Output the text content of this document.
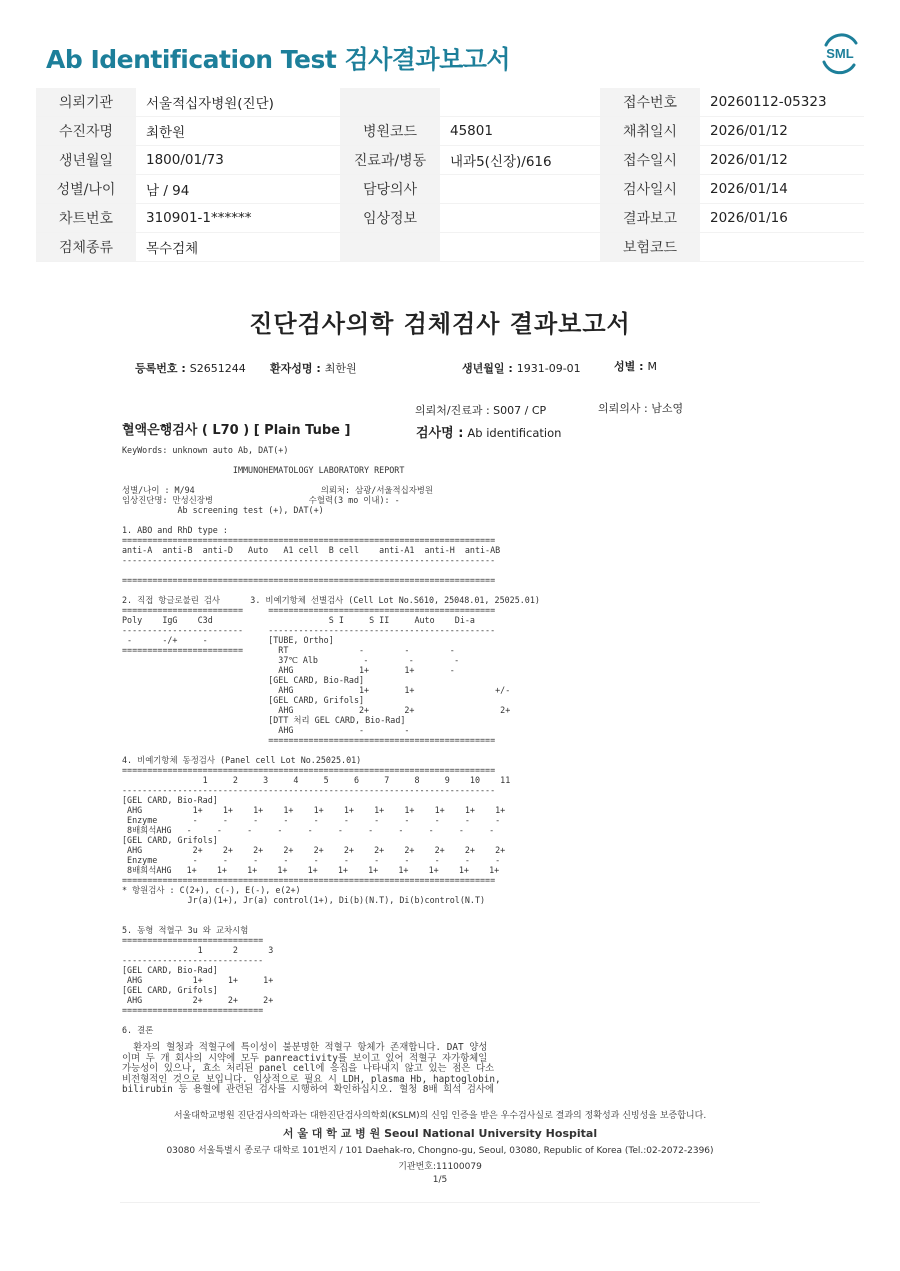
Ab Identification Test 검사결과보고서	SML
의뢰기관	서울적십자병원(진단)			접수번호	20260112-05323
수진자명	최한원	병원코드	45801	채취일시	2026/01/12
생년월일	1800/01/73	진료과/병동	내과5(신장)/616	접수일시	2026/01/12
성별/나이	남 / 94	담당의사		검사일시	2026/01/14
차트번호	310901-1******	임상정보		결과보고	2026/01/16
검체종류	목수검체			보험코드	
진단검사의학 검체검사 결과보고서
등록번호 : S2651244 환자성명 : 최한원	생년월일 : 1931-09-01	성별 : M
의뢰처/진료과 : S007 / CP	의뢰의사 : 남소영
혈액은행검사 ( L70 ) [ Plain Tube ]	검사명 : Ab identification
KeyWords: unknown auto Ab, DAT(+)

IMMUNOHEMATOLOGY LABORATORY REPORT

성별/나이 : M/94                         의뢰처: 삼광/서울적십자병원
임상진단명: 만성신장병                   수혈력(3 mo 이내): -
Ab screening test (+), DAT(+)

1. ABO and RhD type :
==========================================================================
anti-A  anti-B  anti-D   Auto   A1 cell  B cell    anti-A1  anti-H  anti-AB
--------------------------------------------------------------------------

==========================================================================

2. 직접 항글로불린 검사      3. 비예기항체 선별검사 (Cell Lot No.S610, 25048.01, 25025.01)
========================     =============================================
Poly    IgG    C3d                       S I     S II     Auto    Di-a
------------------------     ---------------------------------------------
-      -/+     -            [TUBE, Ortho]
========================       RT              -        -        -
37℃ Alb         -        -        -
AHG             1+       1+       -
[GEL CARD, Bio-Rad]
AHG             1+       1+                +/-
[GEL CARD, Grifols]
AHG             2+       2+                 2+
[DTT 처리 GEL CARD, Bio-Rad]
AHG             -        -
=============================================

4. 비예기항체 동정검사 (Panel cell Lot No.25025.01)
==========================================================================
1     2     3     4     5     6     7     8     9    10    11
--------------------------------------------------------------------------
[GEL CARD, Bio-Rad]
AHG          1+    1+    1+    1+    1+    1+    1+    1+    1+    1+    1+
Enzyme       -     -     -     -     -     -     -     -     -     -     -
8배희석AHG   -     -     -     -     -     -     -     -     -     -     -
[GEL CARD, Grifols]
AHG          2+    2+    2+    2+    2+    2+    2+    2+    2+    2+    2+
Enzyme       -     -     -     -     -     -     -     -     -     -     -
8배희석AHG   1+    1+    1+    1+    1+    1+    1+    1+    1+    1+    1+
==========================================================================
* 항원검사 : C(2+), c(-), E(-), e(2+)
Jr(a)(1+), Jr(a) control(1+), Di(b)(N.T), Di(b)control(N.T)

5. 동형 적혈구 3u 와 교차시험
============================
1      2      3
----------------------------
[GEL CARD, Bio-Rad]
AHG          1+     1+     1+
[GEL CARD, Grifols]
AHG          2+     2+     2+
============================

6. 결론
환자의 혈청과 적혈구에 특이성이 불분명한 적혈구 항체가 존재합니다. DAT 양성
이며 두 개 회사의 시약에 모두 panreactivity를 보이고 있어 적혈구 자가항체일
가능성이 있으나, 효소 처리된 panel cell에 응집을 나타내지 않고 있는 점은 다소
비전형적인 것으로 보입니다. 임상적으로 필요 시 LDH, plasma Hb, haptoglobin,
bilirubin 등 용혈에 관련된 검사를 시행하여 확인하십시오. 혈청 8배 희석 검사에
서울대학교병원 진단검사의학과는 대한진단검사의학회(KSLM)의 신임 인증을 받은 우수검사실로 결과의 정확성과 신빙성을 보증합니다.
서 울 대 학 교 병 원 Seoul National University Hospital
03080 서울특별시 종로구 대학로 101번지 / 101 Daehak-ro, Chongno-gu, Seoul, 03080, Republic of Korea (Tel.:02-2072-2396)
기관번호:11100079
1/5
